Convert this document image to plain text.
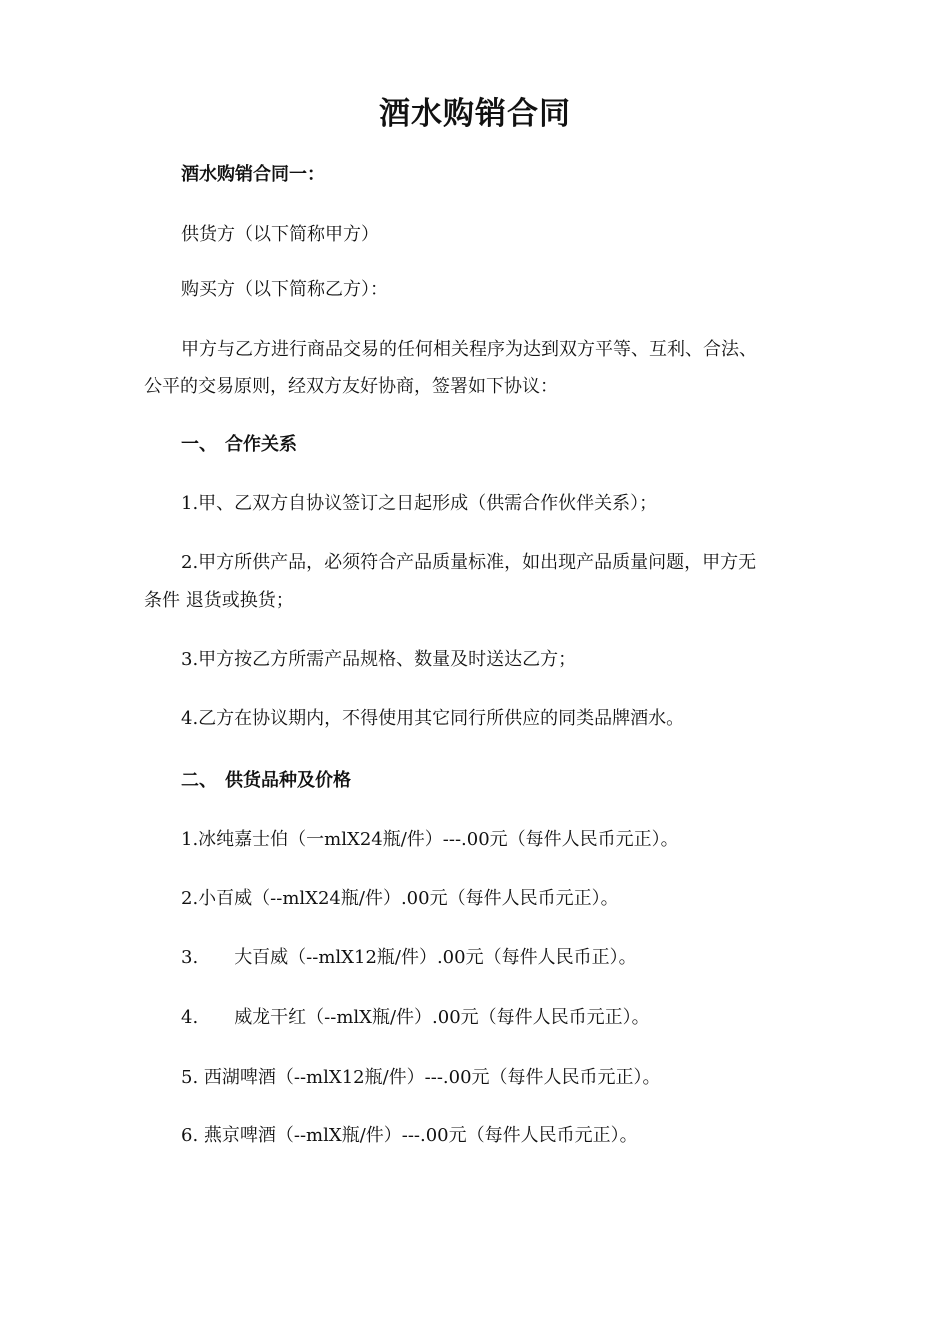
酒水购销合同
酒水购销合同一：
供货方（以下简称甲方）
购买方（以下简称乙方）：
甲方与乙方进行商品交易的任何相关程序为达到双方平等、互利、合法、
公平的交易原则，经双方友好协商，签署如下协议：
一、 合作关系
1.甲、乙双方自协议签订之日起形成（供需合作伙伴关系）；
2.甲方所供产品，必须符合产品质量标准，如出现产品质量问题，甲方无
条件 退货或换货；
3.甲方按乙方所需产品规格、数量及时送达乙方；
4.乙方在协议期内，不得使用其它同行所供应的同类品牌酒水。
二、 供货品种及价格
1.冰纯嘉士伯（一mlX24瓶/件）---.00元（每件人民币元正）。
2.小百威（--mlX24瓶/件）.00元（每件人民币元正）。
3. 大百威（--mlX12瓶/件）.00元（每件人民币正）。
4. 威龙干红（--mlX瓶/件）.00元（每件人民币元正）。
5. 西湖啤酒（--mlX12瓶/件）---.00元（每件人民币元正）。
6. 燕京啤酒（--mlX瓶/件）---.00元（每件人民币元正）。
